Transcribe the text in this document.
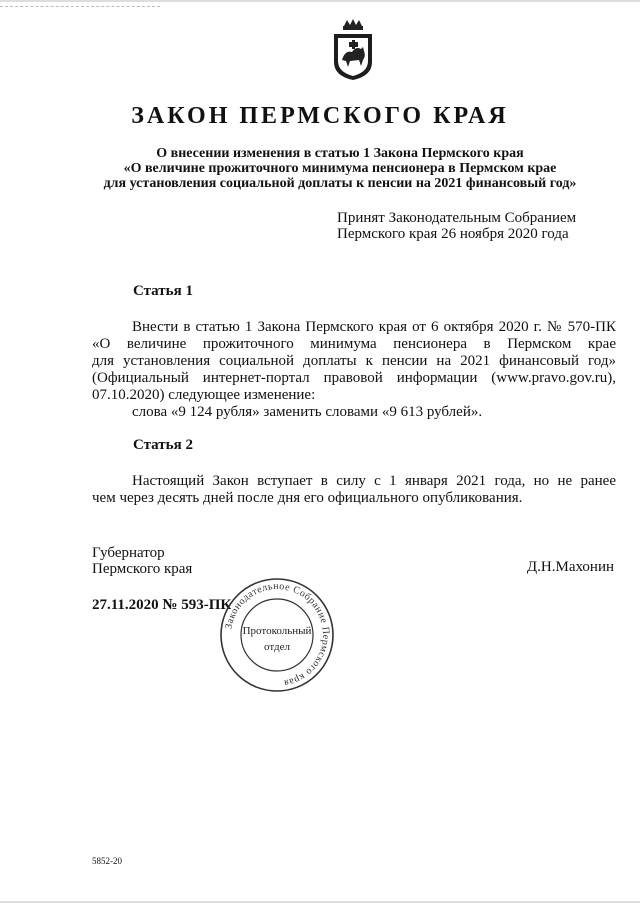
ЗАКОН ПЕРМСКОГО КРАЯ
О внесении изменения в статью 1 Закона Пермского края
«О величине прожиточного минимума пенсионера в Пермском крае
для установления социальной доплаты к пенсии на 2021 финансовый год»
Принят Законодательным Собранием
Пермского края 26 ноября 2020 года
Статья 1
Внести в статью 1 Закона Пермского края от 6 октября 2020 г. № 570-ПК
«О величине прожиточного минимума пенсионера в Пермском крае
для установления социальной доплаты к пенсии на 2021 финансовый год»
(Официальный интернет-портал правовой информации (www.pravo.gov.ru),
07.10.2020) следующее изменение:
слова «9 124 рубля» заменить словами «9 613 рублей».
Статья 2
Настоящий Закон вступает в силу с 1 января 2021 года, но не ранее
чем через десять дней после дня его официального опубликования.
Губернатор
Пермского края	Д.Н.Махонин
27.11.2020 № 593-ПК
Законодательное Собрание Пермского края
Протокольный
отдел
5852-20
